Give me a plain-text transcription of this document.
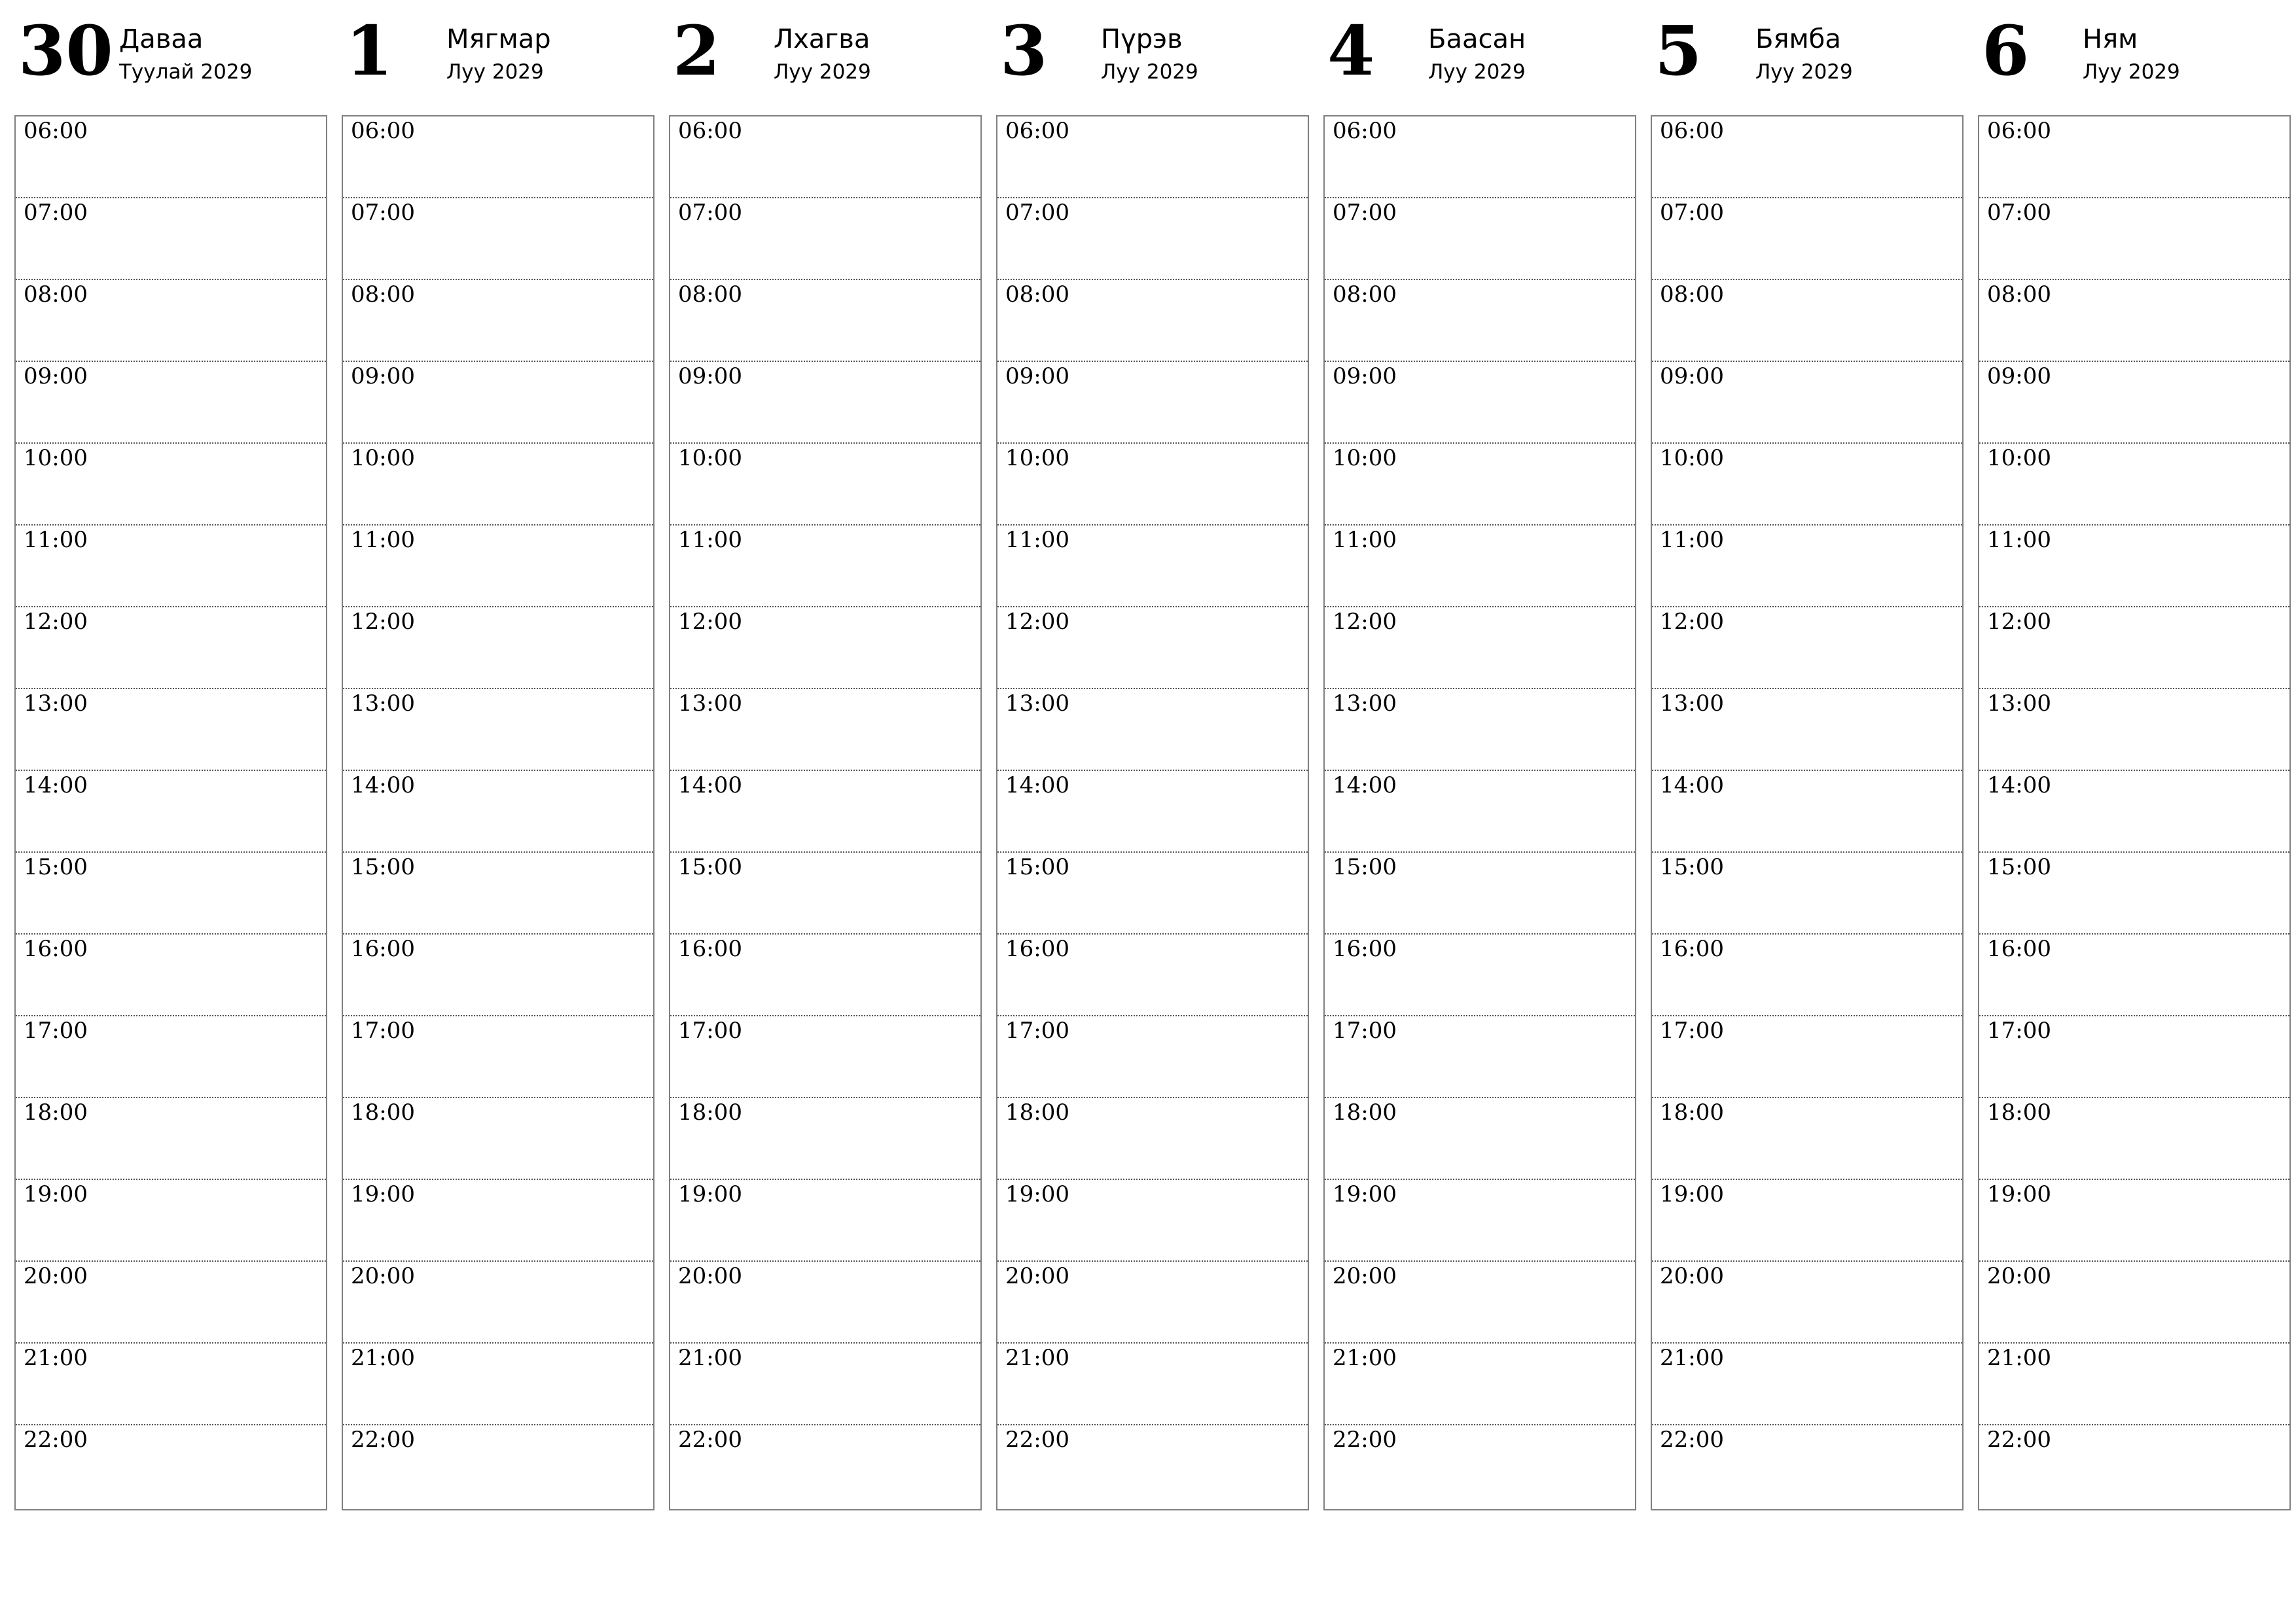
30 Даваа
Туулай 2029
06:00
07:00
08:00
09:00
10:00
11:00
12:00
13:00
14:00
15:00
16:00
17:00
18:00
19:00
20:00
21:00
22:00
1 Мягмар
Луу 2029
06:00
07:00
08:00
09:00
10:00
11:00
12:00
13:00
14:00
15:00
16:00
17:00
18:00
19:00
20:00
21:00
22:00
2 Лхагва
Луу 2029
06:00
07:00
08:00
09:00
10:00
11:00
12:00
13:00
14:00
15:00
16:00
17:00
18:00
19:00
20:00
21:00
22:00
3 Пүрэв
Луу 2029
06:00
07:00
08:00
09:00
10:00
11:00
12:00
13:00
14:00
15:00
16:00
17:00
18:00
19:00
20:00
21:00
22:00
4 Баасан
Луу 2029
06:00
07:00
08:00
09:00
10:00
11:00
12:00
13:00
14:00
15:00
16:00
17:00
18:00
19:00
20:00
21:00
22:00
5 Бямба
Луу 2029
06:00
07:00
08:00
09:00
10:00
11:00
12:00
13:00
14:00
15:00
16:00
17:00
18:00
19:00
20:00
21:00
22:00
6 Ням
Луу 2029
06:00
07:00
08:00
09:00
10:00
11:00
12:00
13:00
14:00
15:00
16:00
17:00
18:00
19:00
20:00
21:00
22:00
